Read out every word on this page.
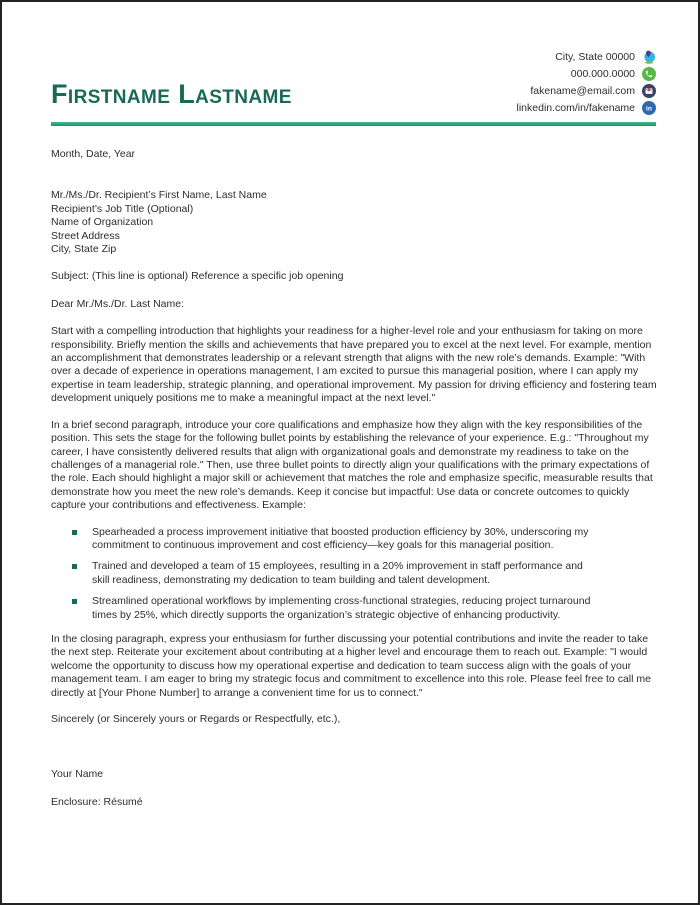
Firstname Lastname
City, State 00000
000.000.0000
fakename@email.com
linkedin.com/in/fakename in
Month, Date, Year
Mr./Ms./Dr. Recipient’s First Name, Last Name
Recipient’s Job Title (Optional)
Name of Organization
Street Address
City, State Zip
Subject: (This line is optional) Reference a specific job opening
Dear Mr./Ms./Dr. Last Name:
Start with a compelling introduction that highlights your readiness for a higher-level role and your enthusiasm for taking on more responsibility. Briefly mention the skills and achievements that have prepared you to excel at the next level. For example, mention an accomplishment that demonstrates leadership or a relevant strength that aligns with the new role’s demands. Example: "With over a decade of experience in operations management, I am excited to pursue this managerial position, where I can apply my expertise in team leadership, strategic planning, and operational improvement. My passion for driving efficiency and fostering team development uniquely positions me to make a meaningful impact at the next level."
In a brief second paragraph, introduce your core qualifications and emphasize how they align with the key responsibilities of the position. This sets the stage for the following bullet points by establishing the relevance of your experience. E.g.: "Throughout my career, I have consistently delivered results that align with organizational goals and demonstrate my readiness to take on the challenges of a managerial role." Then, use three bullet points to directly align your qualifications with the primary expectations of the role. Each should highlight a major skill or achievement that matches the role and emphasize specific, measurable results that demonstrate how you meet the new role’s demands. Keep it concise but impactful: Use data or concrete outcomes to quickly capture your contributions and effectiveness. Example:
Spearheaded a process improvement initiative that boosted production efficiency by 30%, underscoring my commitment to continuous improvement and cost efficiency—key goals for this managerial position.
Trained and developed a team of 15 employees, resulting in a 20% improvement in staff performance and skill readiness, demonstrating my dedication to team building and talent development.
Streamlined operational workflows by implementing cross-functional strategies, reducing project turnaround times by 25%, which directly supports the organization’s strategic objective of enhancing productivity.
In the closing paragraph, express your enthusiasm for further discussing your potential contributions and invite the reader to take the next step. Reiterate your excitement about contributing at a higher level and encourage them to reach out. Example: "I would welcome the opportunity to discuss how my operational expertise and dedication to team success align with the goals of your management team. I am eager to bring my strategic focus and commitment to excellence into this role. Please feel free to call me directly at [Your Phone Number] to arrange a convenient time for us to connect."
Sincerely (or Sincerely yours or Regards or Respectfully, etc.),
Your Name
Enclosure: Résumé
